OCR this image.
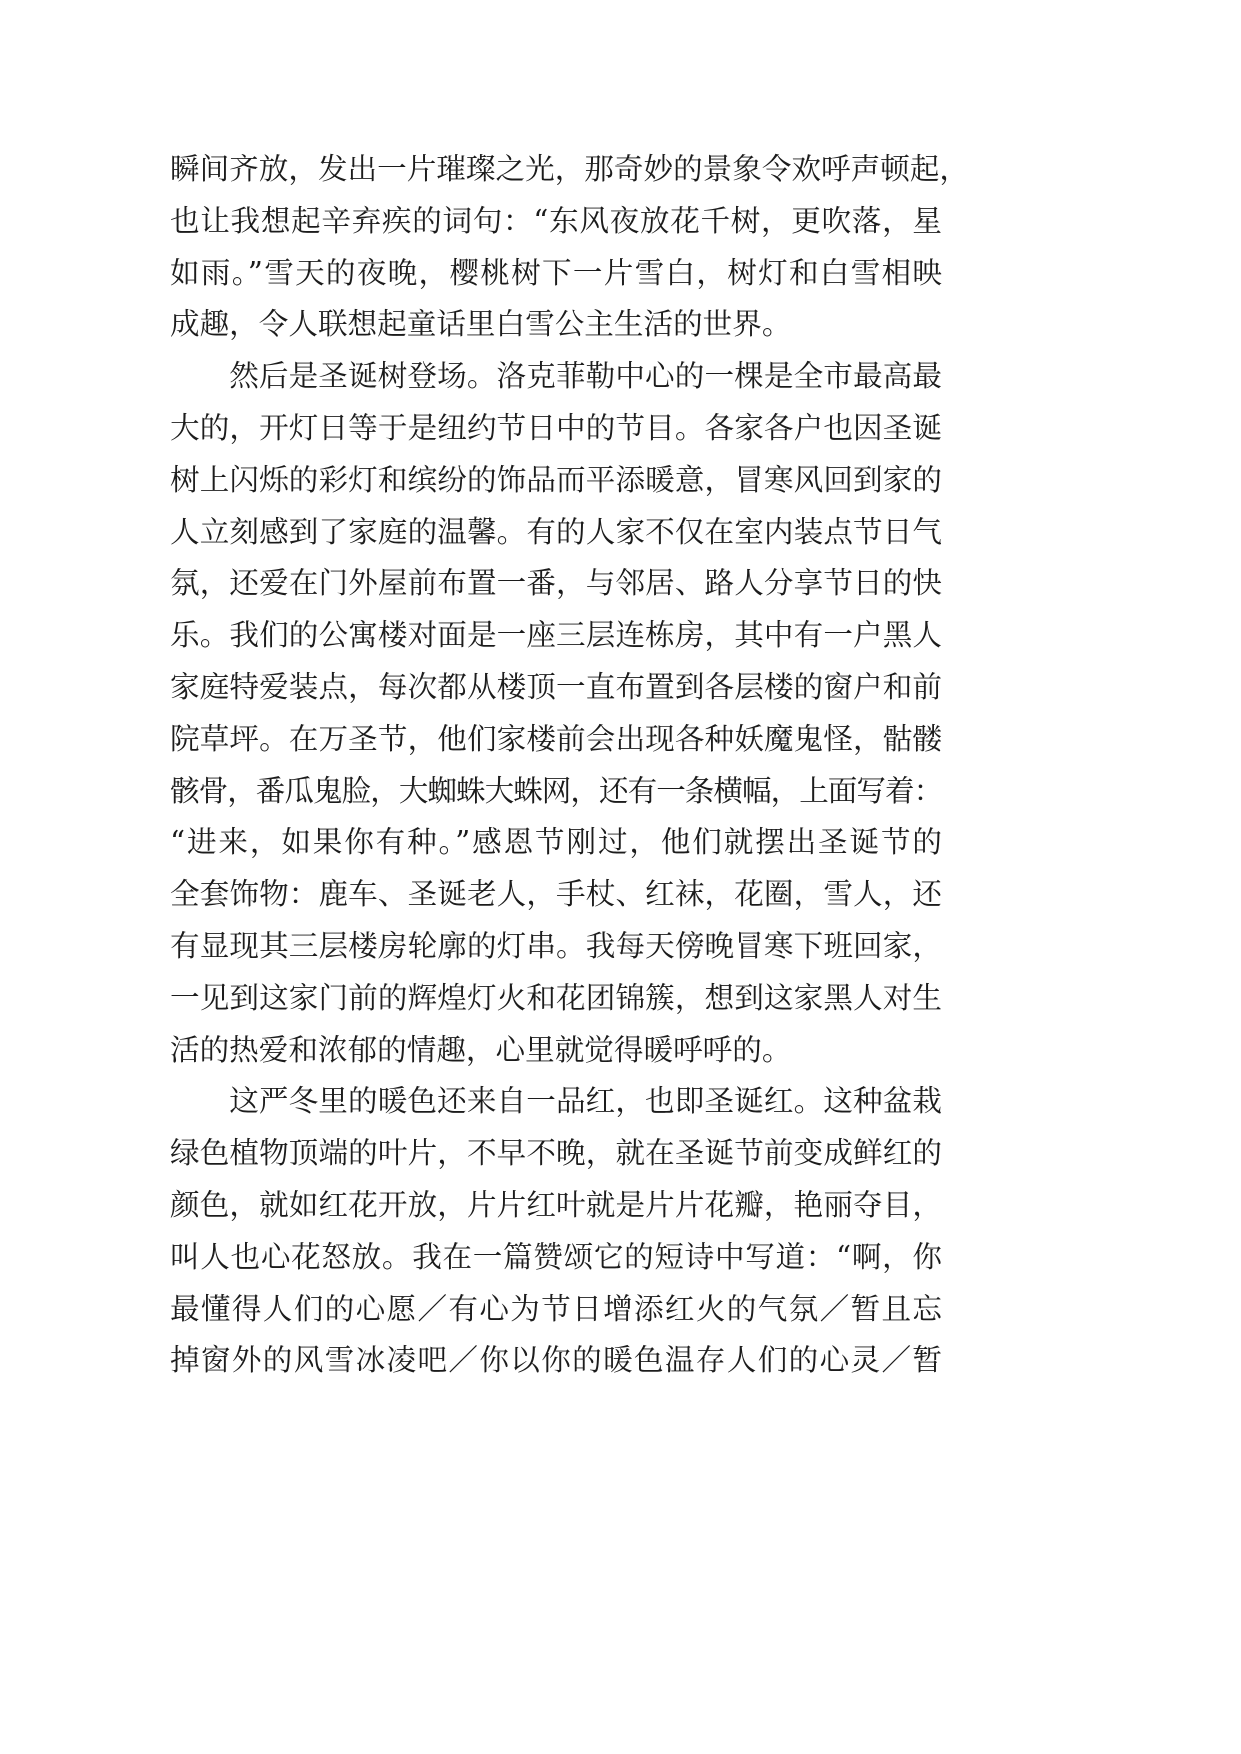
瞬间齐放，发出一片璀璨之光，那奇妙的景象令欢呼声顿起，
也让我想起辛弃疾的词句：“东风夜放花千树，更吹落，星
如雨。”雪天的夜晚，樱桃树下一片雪白，树灯和白雪相映
成趣，令人联想起童话里白雪公主生活的世界。
然后是圣诞树登场。洛克菲勒中心的一棵是全市最高最
大的，开灯日等于是纽约节日中的节目。各家各户也因圣诞
树上闪烁的彩灯和缤纷的饰品而平添暖意，冒寒风回到家的
人立刻感到了家庭的温馨。有的人家不仅在室内装点节日气
氛，还爱在门外屋前布置一番，与邻居、路人分享节日的快
乐。我们的公寓楼对面是一座三层连栋房，其中有一户黑人
家庭特爱装点，每次都从楼顶一直布置到各层楼的窗户和前
院草坪。在万圣节，他们家楼前会出现各种妖魔鬼怪，骷髅
骸骨，番瓜鬼脸，大蜘蛛大蛛网，还有一条横幅，上面写着：
“进来，如果你有种。”感恩节刚过，他们就摆出圣诞节的
全套饰物：鹿车、圣诞老人，手杖、红袜，花圈，雪人，还
有显现其三层楼房轮廓的灯串。我每天傍晚冒寒下班回家，
一见到这家门前的辉煌灯火和花团锦簇，想到这家黑人对生
活的热爱和浓郁的情趣，心里就觉得暖呼呼的。
这严冬里的暖色还来自一品红，也即圣诞红。这种盆栽
绿色植物顶端的叶片，不早不晚，就在圣诞节前变成鲜红的
颜色，就如红花开放，片片红叶就是片片花瓣，艳丽夺目，
叫人也心花怒放。我在一篇赞颂它的短诗中写道：“啊，你
最懂得人们的心愿／有心为节日增添红火的气氛／暂且忘
掉窗外的风雪冰凌吧／你以你的暖色温存人们的心灵／暂
